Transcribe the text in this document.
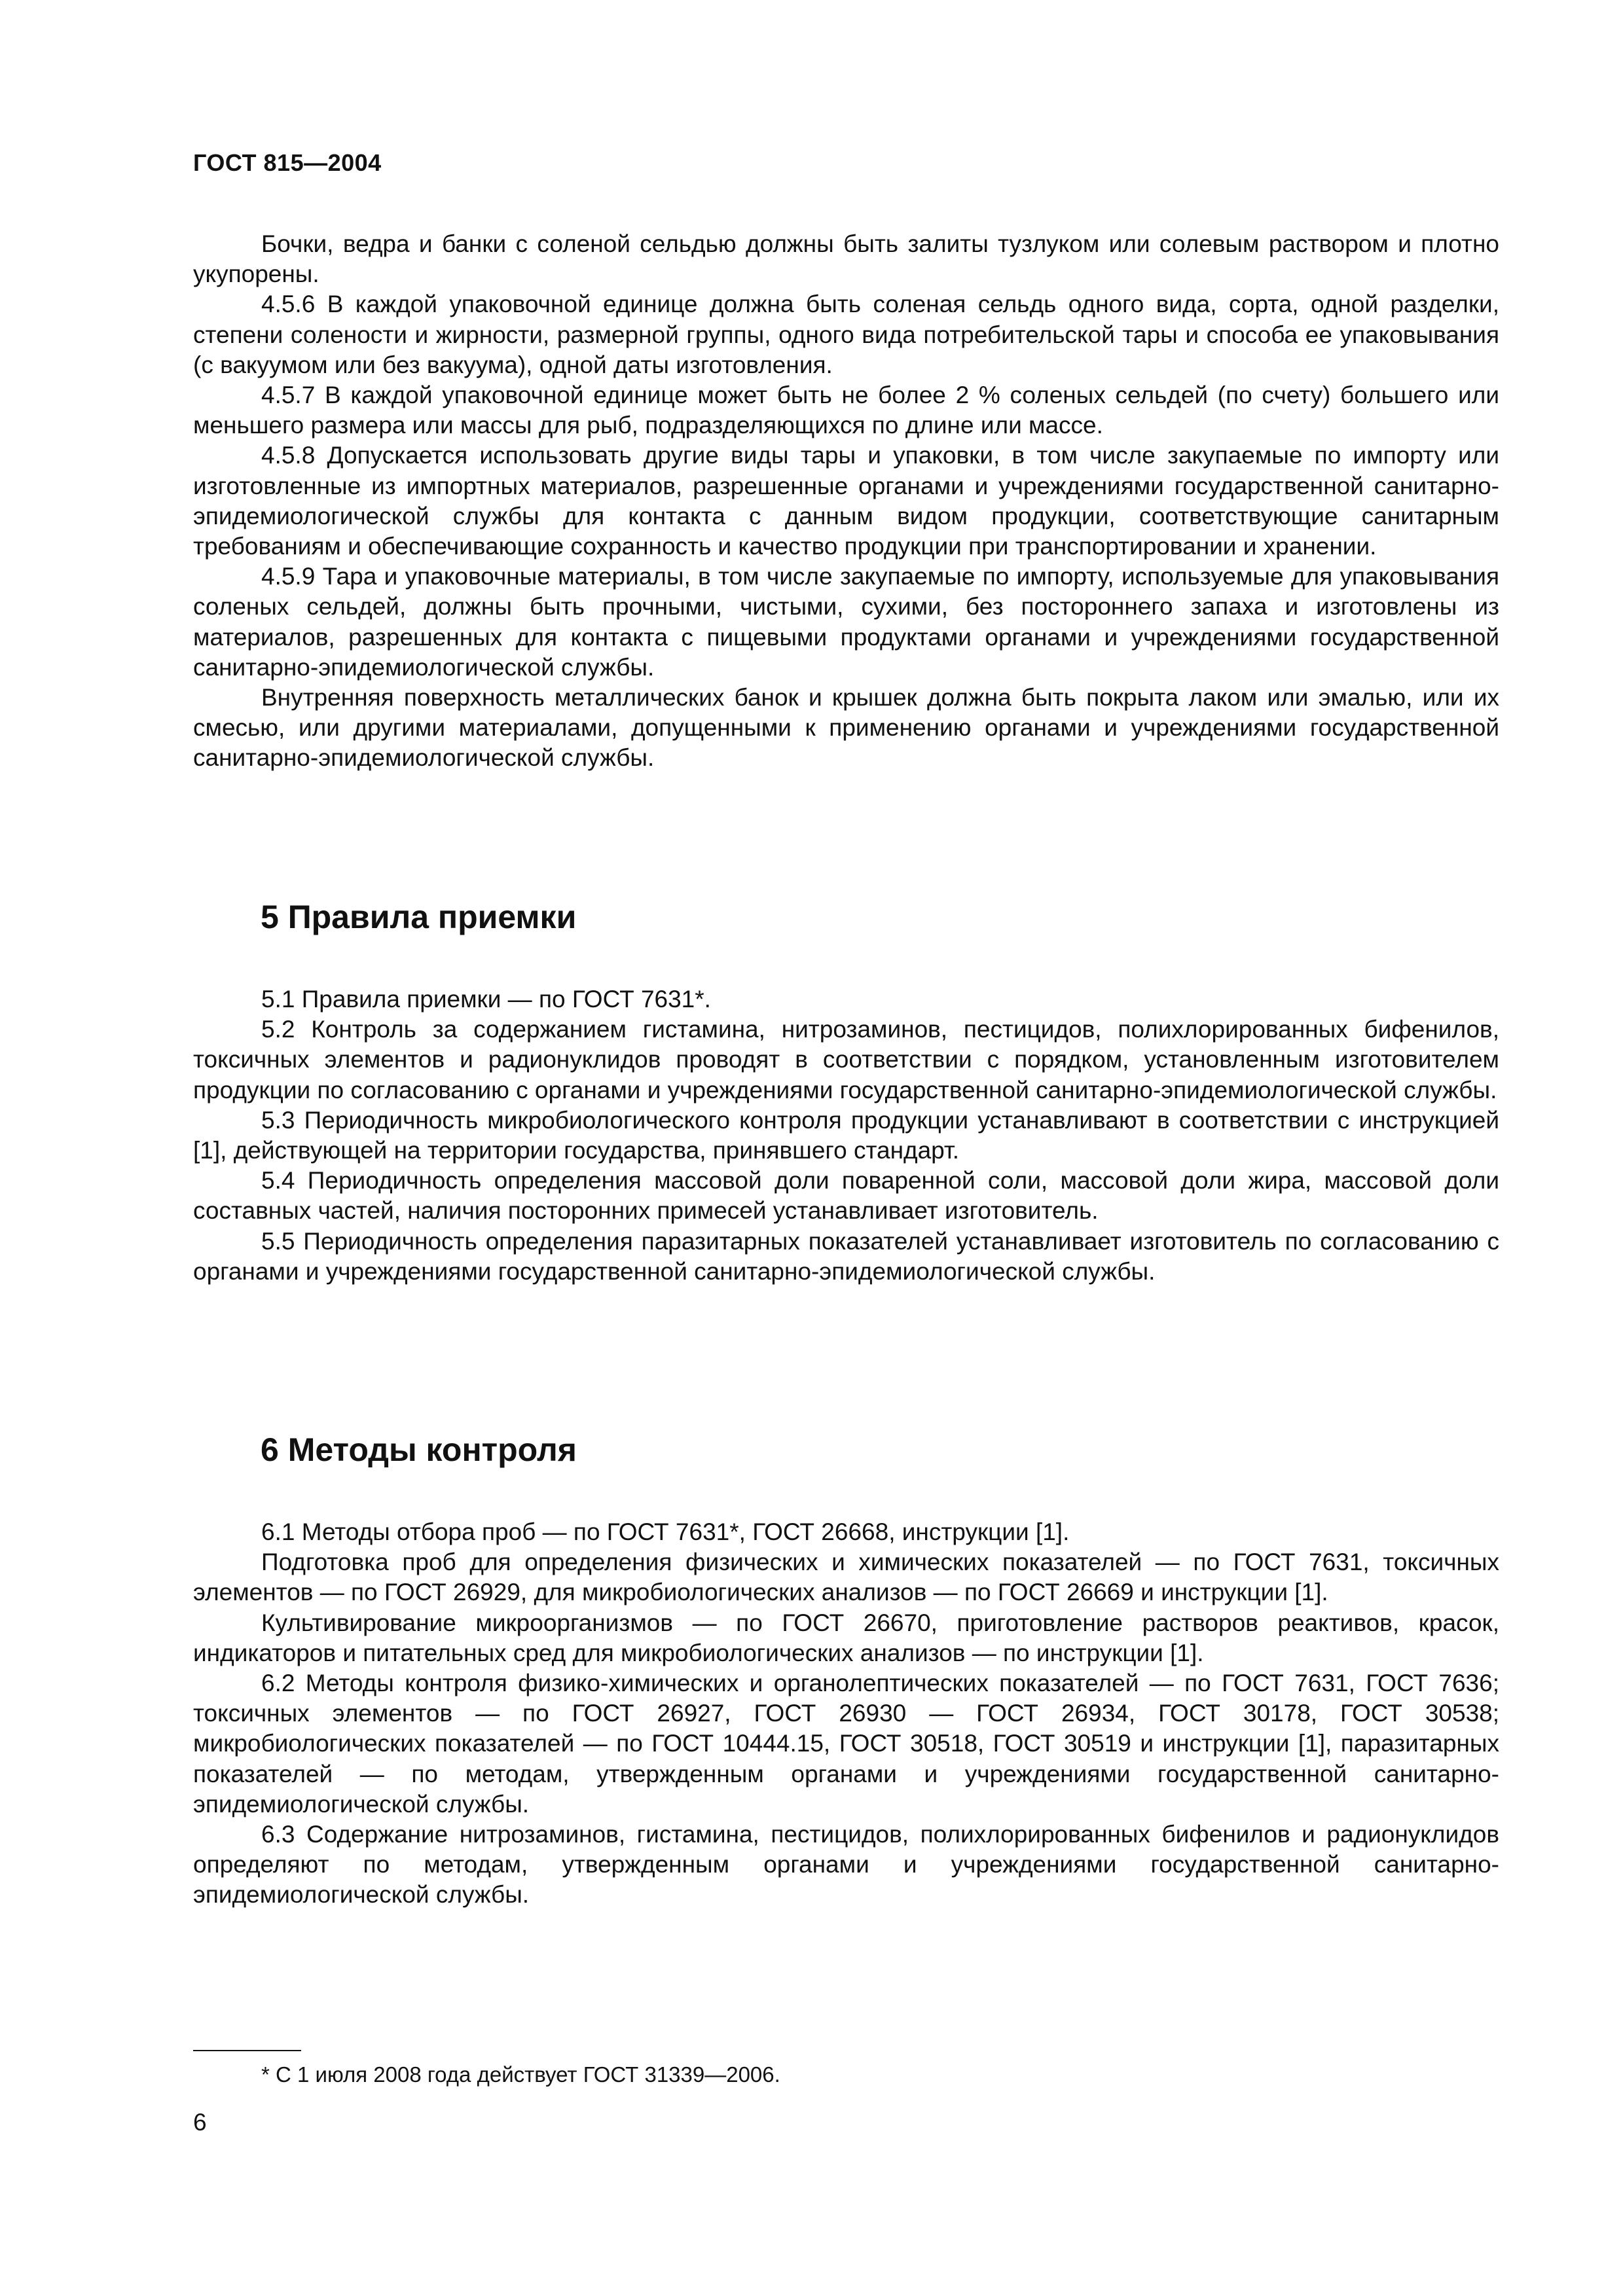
ГОСТ 815—2004

Бочки, ведра и банки с соленой сельдью должны быть залиты тузлуком или солевым раствором и плотно укупорены.

4.5.6 В каждой упаковочной единице должна быть соленая сельдь одного вида, сорта, одной разделки, степени солености и жирности, размерной группы, одного вида потребительской тары и способа ее упаковывания (с вакуумом или без вакуума), одной даты изготовления.

4.5.7 В каждой упаковочной единице может быть не более 2 % соленых сельдей (по счету) большего или меньшего размера или массы для рыб, подразделяющихся по длине или массе.

4.5.8 Допускается использовать другие виды тары и упаковки, в том числе закупаемые по импорту или изготовленные из импортных материалов, разрешенные органами и учреждениями государственной санитарно-эпидемиологической службы для контакта с данным видом продукции, соответствующие санитарным требованиям и обеспечивающие сохранность и качество продукции при транспортировании и хранении.

4.5.9 Тара и упаковочные материалы, в том числе закупаемые по импорту, используемые для упаковывания соленых сельдей, должны быть прочными, чистыми, сухими, без постороннего запаха и изготовлены из материалов, разрешенных для контакта с пищевыми продуктами органами и учреждениями государственной санитарно-эпидемиологической службы.

Внутренняя поверхность металлических банок и крышек должна быть покрыта лаком или эмалью, или их смесью, или другими материалами, допущенными к применению органами и учреждениями государственной санитарно-эпидемиологической службы.

5 Правила приемки

5.1 Правила приемки — по ГОСТ 7631*.

5.2 Контроль за содержанием гистамина, нитрозаминов, пестицидов, полихлорированных бифенилов, токсичных элементов и радионуклидов проводят в соответствии с порядком, установленным изготовителем продукции по согласованию с органами и учреждениями государственной санитарно-эпидемиологической службы.

5.3 Периодичность микробиологического контроля продукции устанавливают в соответствии с инструкцией [1], действующей на территории государства, принявшего стандарт.

5.4 Периодичность определения массовой доли поваренной соли, массовой доли жира, массовой доли составных частей, наличия посторонних примесей устанавливает изготовитель.

5.5 Периодичность определения паразитарных показателей устанавливает изготовитель по согласованию с органами и учреждениями государственной санитарно-эпидемиологической службы.

6 Методы контроля

6.1 Методы отбора проб — по ГОСТ 7631*, ГОСТ 26668, инструкции [1].

Подготовка проб для определения физических и химических показателей — по ГОСТ 7631, токсичных элементов — по ГОСТ 26929, для микробиологических анализов — по ГОСТ 26669 и инструкции [1].

Культивирование микроорганизмов — по ГОСТ 26670, приготовление растворов реактивов, красок, индикаторов и питательных сред для микробиологических анализов — по инструкции [1].

6.2 Методы контроля физико-химических и органолептических показателей — по ГОСТ 7631, ГОСТ 7636; токсичных элементов — по ГОСТ 26927, ГОСТ 26930 — ГОСТ 26934, ГОСТ 30178, ГОСТ 30538; микробиологических показателей — по ГОСТ 10444.15, ГОСТ 30518, ГОСТ 30519 и инструкции [1], паразитарных показателей — по методам, утвержденным органами и учреждениями государственной санитарно-эпидемиологической службы.

6.3 Содержание нитрозаминов, гистамина, пестицидов, полихлорированных бифенилов и радионуклидов определяют по методам, утвержденным органами и учреждениями государственной санитарно-эпидемиологической службы.

* С 1 июля 2008 года действует ГОСТ 31339—2006.
6
